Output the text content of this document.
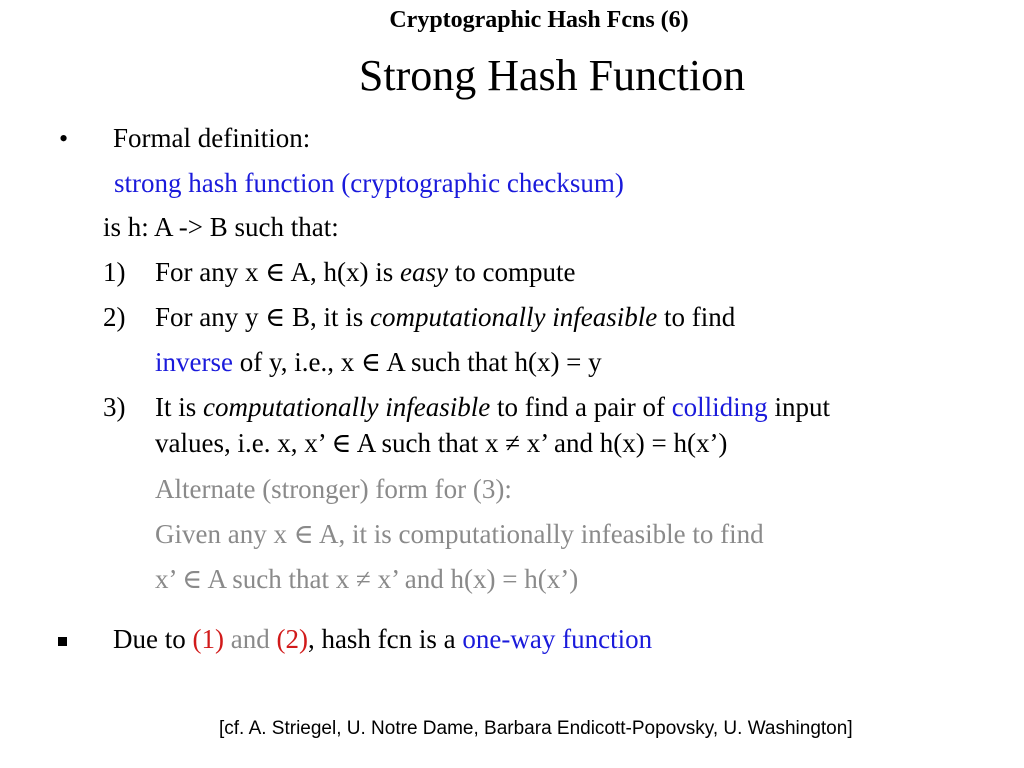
Cryptographic Hash Fcns (6)
Strong Hash Function
• Formal definition:
strong hash function (cryptographic checksum)
is h: A -> B such that:
1) For any x ∈ A, h(x) is easy to compute
2) For any y ∈ B, it is computationally infeasible to find
inverse of y, i.e., x ∈ A such that h(x) = y
3) It is computationally infeasible to find a pair of colliding input
values, i.e. x, x’ ∈ A such that x ≠ x’ and h(x) = h(x’)
Alternate (stronger) form for (3):
Given any x ∈ A, it is computationally infeasible to find
x’ ∈ A such that x ≠ x’ and h(x) = h(x’)
Due to (1) and (2), hash fcn is a one-way function
[cf. A. Striegel, U. Notre Dame, Barbara Endicott-Popovsky, U. Washington]
